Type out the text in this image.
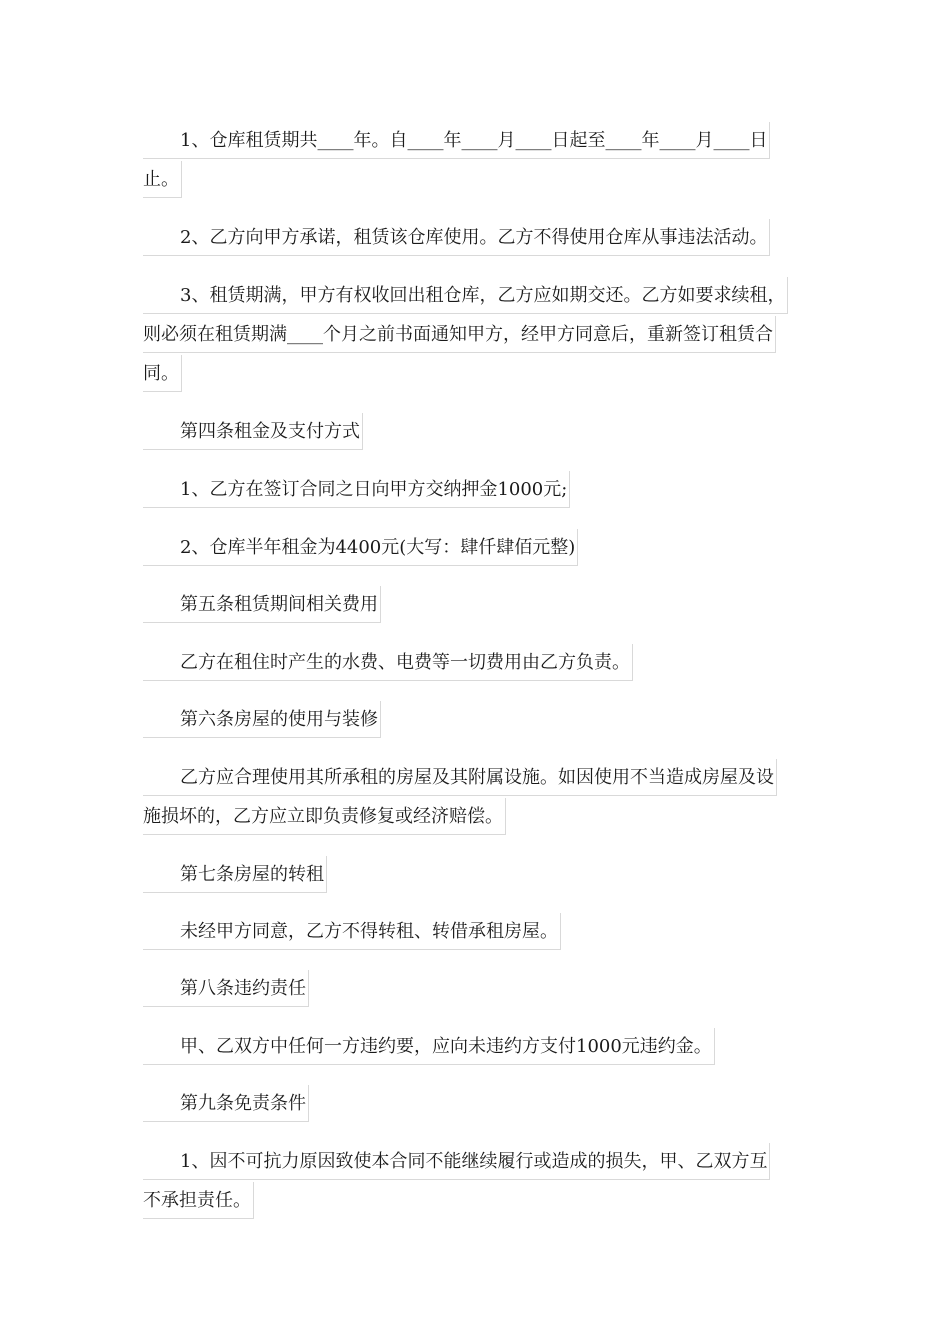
1、仓库租赁期共____年。自____年____月____日起至____年____月____日
止。
2、乙方向甲方承诺，租赁该仓库使用。乙方不得使用仓库从事违法活动。
3、租赁期满，甲方有权收回出租仓库，乙方应如期交还。乙方如要求续租，
则必须在租赁期满____个月之前书面通知甲方，经甲方同意后，重新签订租赁合
同。
第四条租金及支付方式
1、乙方在签订合同之日向甲方交纳押金1000元;
2、仓库半年租金为4400元(大写：肆仟肆佰元整)
第五条租赁期间相关费用
乙方在租住时产生的水费、电费等一切费用由乙方负责。
第六条房屋的使用与装修
乙方应合理使用其所承租的房屋及其附属设施。如因使用不当造成房屋及设
施损坏的，乙方应立即负责修复或经济赔偿。
第七条房屋的转租
未经甲方同意，乙方不得转租、转借承租房屋。
第八条违约责任
甲、乙双方中任何一方违约要，应向未违约方支付1000元违约金。
第九条免责条件
1、因不可抗力原因致使本合同不能继续履行或造成的损失，甲、乙双方互
不承担责任。
